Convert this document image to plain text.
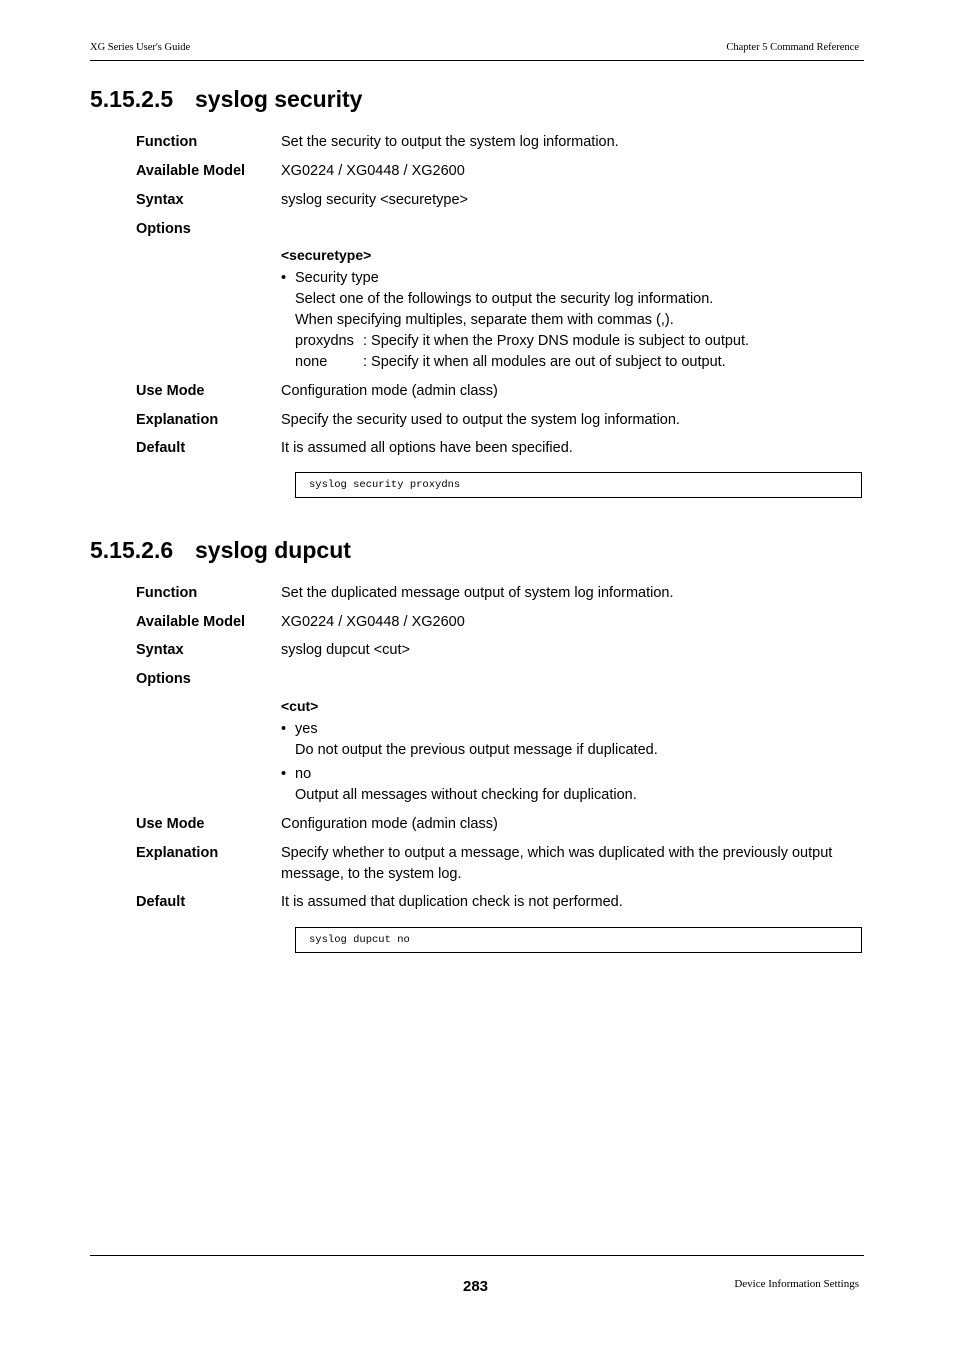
XG Series User's Guide	Chapter 5 Command Reference
5.15.2.5 syslog security
Function	Set the security to output the system log information.
Available Model XG0224 / XG0448 / XG2600
Syntax	syslog security <securetype>
Options
<securetype>
• Security type
Select one of the followings to output the security log information.
When specifying multiples, separate them with commas (,).
proxydns : Specify it when the Proxy DNS module is subject to output.
none : Specify it when all modules are out of subject to output.
Use Mode	Configuration mode (admin class)
Explanation	Specify the security used to output the system log information.
Default	It is assumed all options have been specified.
syslog security proxydns
5.15.2.6 syslog dupcut
Function	Set the duplicated message output of system log information.
Available Model XG0224 / XG0448 / XG2600
Syntax	syslog dupcut <cut>
Options
<cut>
• yes
Do not output the previous output message if duplicated.
• no
Output all messages without checking for duplication.
Use Mode	Configuration mode (admin class)
Explanation	Specify whether to output a message, which was duplicated with the previously output
message, to the system log.
Default	It is assumed that duplication check is not performed.
syslog dupcut no
283	Device Information Settings
